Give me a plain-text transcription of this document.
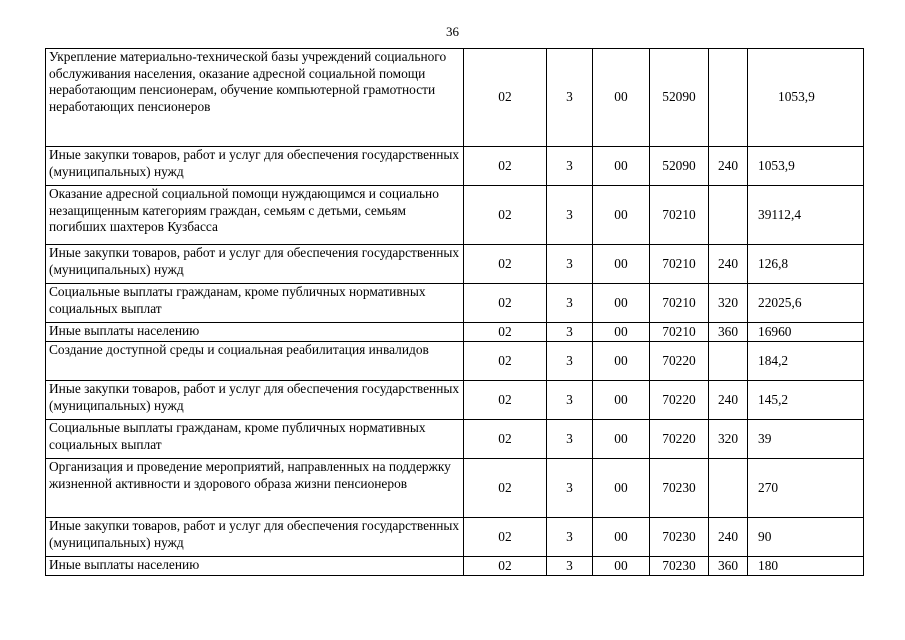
36
Укрепление материально-технической базы учреждений социального обслуживания населения, оказание адресной социальной помощи неработающим пенсионерам, обучение компьютерной грамотности неработающих пенсионеров	02	3	00	52090		1053,9
Иные закупки товаров, работ и услуг для обеспечения государственных (муниципальных) нужд	02	3	00	52090	240	1053,9
Оказание адресной социальной помощи нуждающимся и социально незащищенным категориям граждан, семьям с детьми, семьям погибших шахтеров Кузбасса	02	3	00	70210		39112,4
Иные закупки товаров, работ и услуг для обеспечения государственных (муниципальных) нужд	02	3	00	70210	240	126,8
Социальные выплаты гражданам, кроме публичных нормативных социальных выплат	02	3	00	70210	320	22025,6
Иные выплаты населению	02	3	00	70210	360	16960
Создание доступной среды и социальная реабилитация инвалидов	02	3	00	70220		184,2
Иные закупки товаров, работ и услуг для обеспечения государственных (муниципальных) нужд	02	3	00	70220	240	145,2
Социальные выплаты гражданам, кроме публичных нормативных социальных выплат	02	3	00	70220	320	39
Организация и проведение мероприятий, направленных на поддержку жизненной активности и здорового образа жизни пенсионеров	02	3	00	70230		270
Иные закупки товаров, работ и услуг для обеспечения государственных (муниципальных) нужд	02	3	00	70230	240	90
Иные выплаты населению	02	3	00	70230	360	180
